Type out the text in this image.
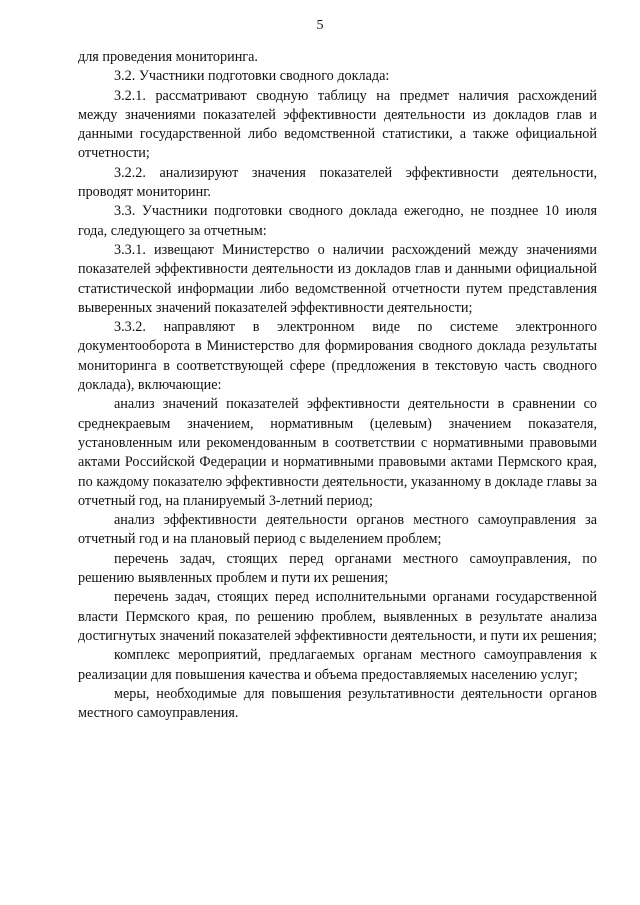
5

для проведения мониторинга.

3.2. Участники подготовки сводного доклада:

3.2.1. рассматривают сводную таблицу на предмет наличия расхождений между значениями показателей эффективности деятельности из докладов глав и данными государственной либо ведомственной статистики, а также официальной отчетности;

3.2.2. анализируют значения показателей эффективности деятельности, проводят мониторинг.

3.3. Участники подготовки сводного доклада ежегодно, не позднее 10 июля года, следующего за отчетным:

3.3.1. извещают Министерство о наличии расхождений между значениями показателей эффективности деятельности из докладов глав и данными официальной статистической информации либо ведомственной отчетности путем представления выверенных значений показателей эффективности деятельности;

3.3.2. направляют в электронном виде по системе электронного документооборота в Министерство для формирования сводного доклада результаты мониторинга в соответствующей сфере (предложения в текстовую часть сводного доклада), включающие:

анализ значений показателей эффективности деятельности в сравнении со среднекраевым значением, нормативным (целевым) значением показателя, установленным или рекомендованным в соответствии с нормативными правовыми актами Российской Федерации и нормативными правовыми актами Пермского края, по каждому показателю эффективности деятельности, указанному в докладе главы за отчетный год, на планируемый 3-летний период;

анализ эффективности деятельности органов местного самоуправления за отчетный год и на плановый период с выделением проблем;

перечень задач, стоящих перед органами местного самоуправления, по решению выявленных проблем и пути их решения;

перечень задач, стоящих перед исполнительными органами государственной власти Пермского края, по решению проблем, выявленных в результате анализа достигнутых значений показателей эффективности деятельности, и пути их решения;

комплекс мероприятий, предлагаемых органам местного самоуправления к реализации для повышения качества и объема предоставляемых населению услуг;

меры, необходимые для повышения результативности деятельности органов местного самоуправления.
